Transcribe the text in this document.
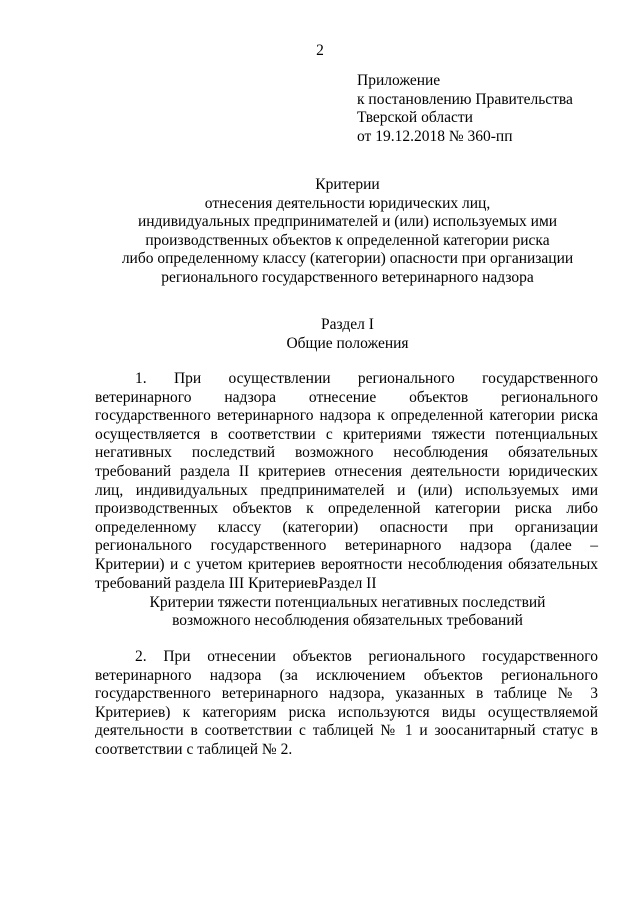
2
Приложение
к постановлению Правительства
Тверской области
от 19.12.2018 № 360-пп
Критерии
отнесения деятельности юридических лиц,
индивидуальных предпринимателей и (или) используемых ими
производственных объектов к определенной категории риска
либо определенному классу (категории) опасности при организации
регионального государственного ветеринарного надзора
Раздел I
Общие положения

1. При осуществлении регионального государственного ветеринарного надзора отнесение объектов регионального государственного ветеринарного надзора к определенной категории риска осуществляется в соответствии с критериями тяжести потенциальных негативных последствий возможного несоблюдения обязательных требований раздела II критериев отнесения деятельности юридических лиц, индивидуальных предпринимателей и (или) используемых ими производственных объектов к определенной категории риска либо определенному классу (категории) опасности при организации регионального государственного ветеринарного надзора (далее – Критерии) и с учетом критериев вероятности несоблюдения обязательных требований раздела III Критериев.

Раздел II
Критерии тяжести потенциальных негативных последствий
возможного несоблюдения обязательных требований

2. При отнесении объектов регионального государственного ветеринарного надзора (за исключением объектов регионального государственного ветеринарного надзора, указанных в таблице № 3 Критериев) к категориям риска используются виды осуществляемой деятельности в соответствии с таблицей № 1 и зоосанитарный статус в соответствии с таблицей № 2.
